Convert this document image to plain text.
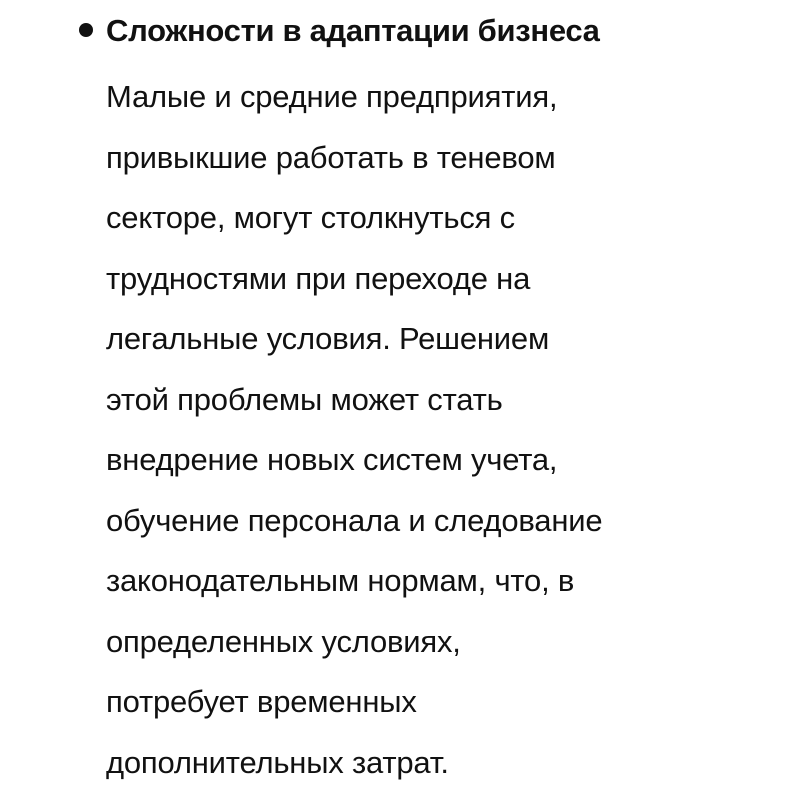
Сложности в адаптации бизнеса

Малые и средние предприятия,
привыкшие работать в теневом
секторе, могут столкнуться с
трудностями при переходе на
легальные условия. Решением
этой проблемы может стать
внедрение новых систем учета,
обучение персонала и следование
законодательным нормам, что, в
определенных условиях,
потребует временных
дополнительных затрат.
